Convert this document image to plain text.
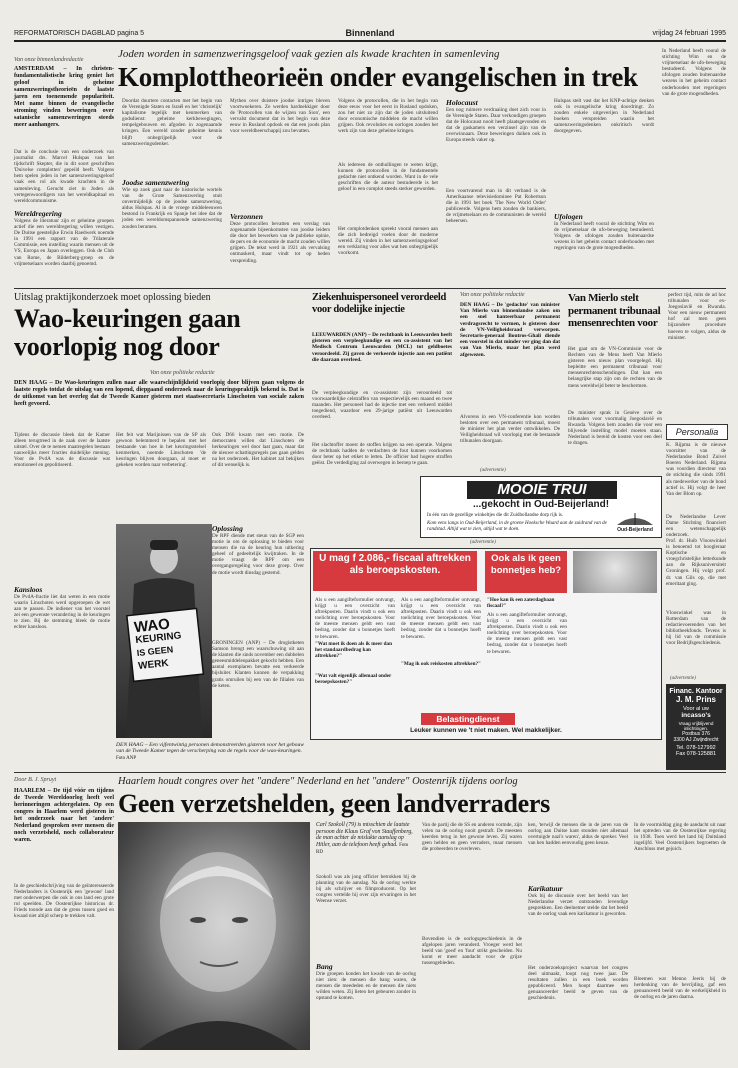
REFORMATORISCH DAGBLAD pagina 5	Binnenland	vrijdag 24 februari 1995
Van onze binnenlandredactie	Joden worden in samenzweringsgeloof vaak gezien als kwade krachten in samenleving
Komplottheorieën onder evangelischen in trek
AMSTERDAM – In christen-fundamentalistische kring geniet het geloof in geheime samenzweringstheorieën de laatste jaren een toenemende populariteit. Met name binnen de evangelische stroming vinden beweringen over satanische samenzweringen steeds meer aanhangers.
Dat is de conclusie van een onderzoek van journalist drs. Marcel Hulspas van het tijdschrift Skepter, die in dit soort geschriften 'Duivelse complotten' gepeild heeft. Volgens hem spelen joden in het samenzweringsgeloof vaak een rol als kwade krachten in de samenleving. Gerucht ziet in Joden als vertegenwoordigers van het wereldkapitaal en wereldcommunisme.
Wereldregering
Volgens de literatuur zijn er geheime groepen actief die een wereldregering willen vestigen. De Duitse geestelijke Erwin Raedwerk noemde in 1991 een rapport van de Trilaterale Commissie, een instelling waarin mensen uit de VS, Europa en Japan overleggen. Ook de Club van Rome, de Bilderberg-groep en de vrijmetselaars worden daarbij genoemd.
Doordat duurtere contacten met het begin van de Verenigde Staten en Israël en het 'christelijk' kapitalisme tegelijk met kenmerken van godsdienst: geheime kerkbewegingen, tempelgebouwen en afgoden in zogenaamde kringen. Een wereld zonder geheime kennis blijft onbegrijpelijk voor de samenzweringsdenker.
Joodse samenzwering
Wie op zoek gaat naar de historische wortels van de Grote Samenzwering stuit onvermijdelijk op de joodse samenzwering, aldus Hulspas. Al in de vroege middeleeuwen bestond in Frankrijk en Spanje het idee dat de joden een wereldomspannende samenzwering zouden beramen.
Mythen over duistere joodse intriges bleven voortwoekeren. Ze werden hardnekkiger door de 'Protocollen van de wijzen van Sion', een vervalst document dat in het begin van deze eeuw in Rusland opdook en dat een joods plan voor wereldheerschappij zou bevatten.
Verzonnen
Deze protocollen bevatten een verslag van zogenaamde bijeenkomsten van joodse leiders die door het bewerken van de publieke opinie, de pers en de economie de macht zouden willen grijpen. De tekst werd in 1921 als vervalsing ontmaskerd, maar vindt tot op heden verspreiding.
Volgens de protocollen, die in het begin van deze eeuw voor het eerst in Rusland opdoken, zou het niet zo zijn dat de joden uitsluitend door economische middelen de macht willen grijpen. Ook revoluties en oorlogen zouden het werk zijn van deze geheime kringen.
Als iedereen de onthullingen te weten krijgt, kunnen de protocollen in de fundamentele gedachte niet ontkend worden. Want in de vele geschriften die de auteur bestudeerde is het geloof in een complot steeds sterker geworden.
Het complotdenken spreekt vooral mensen aan die zich bedreigd voelen door de moderne wereld. Zij vinden in het samenzweringsgeloof een verklaring voor alles wat hen onbegrijpelijk voorkomt.
Holocaust
Een nog ruimere verdraaiing doet zich voor in de Verenigde Staten. Daar verkondigen groepen dat de Holocaust nooit heeft plaatsgevonden en dat de gaskamers een verzinsel zijn van de overwinnaars. Deze beweringen duiken ook in Europa steeds vaker op.
Een voortvarend man in dit verband is de Amerikaanse televisiedominee Pat Robertson die in 1991 het boek 'The New World Order' publiceerde. Volgens hem zouden de bankiers, de vrijmetselaars en de communisten de wereld beheersen.
Hulspas stelt vast dat het KNP-achtige denken ook in evangelische kring doordringt. Zo zouden enkele uitgeverijen in Nederland boeken verspreiden waarin het samenzweringsdenken onkritisch wordt doorgegeven.
Ufologen
In Nederland heeft vooral de stichting Wim en de vrijmetselaar de ufo-beweging bestudeerd. Volgens de ufologen zouden buitenaardse wezens in het geheim contact onderhouden met regeringen van de grote mogendheden.
In Nederland heeft vooral de stichting Wim en de vrijmetselaar de ufo-beweging bestudeerd. Volgens de ufologen zouden buitenaardse wezens in het geheim contact onderhouden met regeringen van de grote mogendheden.
Uitslag praktijkonderzoek moet oplossing bieden
Wao-keuringen gaan voorlopig nog door
Van onze politieke redactie
DEN HAAG – De Wao-keuringen zullen naar alle waarschijnlijkheid voorlopig door blijven gaan volgens de laatste regels totdat de uitslag van een lopend, diepgaand onderzoek naar de keuringspraktijk bekend is. Dat is de uitkomst van het overleg dat de Tweede Kamer gisteren met staatssecretaris Linschoten van sociale zaken heeft gevoerd.
Tijdens de discussie bleek dat de Kamer alleen terugtreed in de zaak over de laatste uitstel. Over de te nemen maatregelen bestaan nauwelijks meer fracties duidelijke mening. Voor de PvdA was de discussie wat emotioneel en gepolitiseerd.
Kansloos
De PvdA-fractie liet dat weten in een motie waarin Linschoten werd opgeroepen de wet aan te passen. De indiener van het voorstel zei een gewenste verandering in de keuringen te zien. Bij de stemming bleek de motie echter kansloos.
Het feit wat Marijnissen van de SP als gewoon belemmerd te bepalen met het bestaande van hoe in het keuringsstelsel kenmerken, noemde Linschoten 'de keuringen blijven doorgaan, al moet er gekeken worden naar verbetering'.
Ook D66 kwam met een motie. De democraten willen dat Linschoten de herkeuringen wel door laat gaan, maar dat de nieuwe schattingsregels pas gaan gelden na het onderzoek. Het kabinet zal bekijken of dit wenselijk is.
WAO
KEURING
IS GEEN
WERK
Oplossing
De RPF diende met steun van de SGP een motie in om de oplossing te bieden voor mensen die na de keuring hun uitkering geheel of gedeeltelijk kwijtraken. In de motie vraagt de RPF om een overgangsregeling voor deze groep. Over de motie wordt dinsdag gestemd.
GRONINGEN (ANP) – De drogistketen Samson brengt een waarschuwing uit aan de klanten die sinds november een dubbelen geneesmiddelenpakket gekocht hebben. Een aantal exemplaren bevatte een verkeerde bijsluiter. Klanten kunnen de verpakking gratis omruilen bij een van de filialen van de keten.
DEN HAAG – Een vijfentwintig personen demonstreerden gisteren voor het gebouw van de Tweede Kamer tegen de verscherping van de regels voor de wao-keuringen. Foto ANP
Ziekenhuispersoneel verordeeld voor dodelijke injectie
LEEUWARDEN (ANP) – De rechtbank in Leeuwarden heeft gisteren een verpleegkundige en een co-assistent van het Medisch Centrum Leeuwarden (MCL) tot geldboetes veroordeeld. Zij gaven de verkeerde injectie aan een patiënt die daaraan overleed.
De verpleegkundige en co-assistent zijn veroordeeld tot voorwaardelijke celstraffen van respectievelijk een maand en twee maanden. Het personeel had de injectie met een verkeerd middel toegediend, waardoor een 29-jarige patiënt uit Leeuwarden overleed.
Het slachtoffer moest de stoffen krijgen na een operatie. Volgens de rechtbank hadden de verdachten de fout kunnen voorkomen door beter op het etiket te letten. De officier had hogere straffen geëist. De verdediging zal overwegen in beroep te gaan.
Van onze politieke redactie
DEN HAAG – De 'gedachte' van minister Van Mierlo van binnenlandse zaken om een snel hanteerbaar permanent verdragsrecht te vormen, is gisteren door de VN-Veiligheidsraad verworpen. Secretaris-generaal Boutros-Ghali diende een voorstel in dat minder ver ging dan dat van Van Mierlo, maar het plan werd afgewezen.
Alvorens in een VN-conferentie kon worden besloten over een permanent tribunaal, moest de minister het plan verder ontwikkelen. De Veiligheidsraad wil voorlopig met de bestaande tribunalen doorgaan.
Van Mierlo stelt permanent tribunaal mensenrechten voor
Het gaat om de VN-Commissie voor de Rechten van de Mens heeft Van Mierlo gisteren een nieuw plan voorgelegd. Hij bepleitte een permanent tribunaal voor mensenrechtenschendingen. Dat kan een belangrijke stap zijn om de rechten van de mens wereldwijd beter te beschermen.
De minister sprak in Genève over de tribunalen voor voormalig Joegoslavië en Rwanda. Volgens hem zouden die voor een blijvende instelling model moeten staan. Nederland is bereid de kosten voor een deel te dragen.
perfect tijd, mits de ad hoc tribunalen voor ex-Joegoslavië en Rwanda. Voor een nieuw permanent hof zal men geen bijzondere procedure hoeven te volgen, aldus de minister.
Personalia
K. Rijpma is de nieuwe voorzitter van de Nederlandse Bond Zuivel Boeren Nederland. Rijpma was voordien directeur van de stichting die sinds 1991 als medewerker van de bond actief is. Hij volgt de heer Van der Blom op.
De Nederlandse Lever Dame Stichting financiert een wetenschappelijk onderzoek.
Prof. dr. Huib Vlooswinkel is benoemd tot hoogleraar Koptische en vroegchristelijke letterkunde aan de Rijksuniversiteit Groningen. Hij volgt prof. dr. van Gils op, die met emeritaat ging.
Vlooswinkel was in Rotterdam van de redactievoerenden van het bibliotheekfonds. Tevens is hij lid van de commissie voor Bedrijfsgeschiedenis.
(advertentie)
MOOIE TRUI
...gekocht in Oud-Beijerland!
In één van de gezellige winkeltjes die dit Zuidhollandse dorp rijk is.
Kom eens langs in Oud-Beijerland, in de groene Hoeksche Waard aan de zuidrand van de randstad. Altijd wat te zien, altijd wat te doen.	Oud-Beijerland
(advertentie)
U mag f 2.086,- fiscaal aftrekken als beroepskosten.
Ook als ik geen bonnetjes heb?
Als u een aangifteformulier ontvangt, krijgt u een overzicht van aftrekposten. Daarin vindt u ook een toelichting over beroepskosten. Voor de meeste mensen geldt een vast bedrag, zonder dat u bonnetjes hoeft te bewaren.
"Wat moet ik doen als ik meer dan het standaardbedrag kan aftrekken?"
"Wat valt eigenlijk allemaal onder beroepskosten?"
Als u een aangifteformulier ontvangt, krijgt u een overzicht van aftrekposten. Daarin vindt u ook een toelichting over beroepskosten. Voor de meeste mensen geldt een vast bedrag, zonder dat u bonnetjes hoeft te bewaren.
"Mag ik ook reiskosten aftrekken?"
"Hoe kan ik een zaterdagbaan fiscaal?"
Als u een aangifteformulier ontvangt, krijgt u een overzicht van aftrekposten. Daarin vindt u ook een toelichting over beroepskosten. Voor de meeste mensen geldt een vast bedrag, zonder dat u bonnetjes hoeft te bewaren.
Belastingdienst
Leuker kunnen we 't niet maken. Wel makkelijker.
(advertentie)
Financ. Kantoor
J. M. Prins
Voor al uw
incasso's
Vraag vrijblijvend inlichtingen.
Postbus 376
3300 AJ Zwijndrecht
Tel. 078-127992
Fax 078-125881
Door B. J. Spruyt	Haarlem houdt congres over het "andere" Nederland en het "andere" Oostenrijk tijdens oorlog
Geen verzetshelden, geen landverraders
HAARLEM – De tijd vóór en tijdens de Tweede Wereldoorlog heeft veel herinneringen achtergelaten. Op een congres in Haarlem werd gisteren in het onderzoek naar het 'andere' Nederland gesproken over mensen die noch verzetsheld, noch collaborateur waren.
In de geschiedschrijving van de geïnteresseerde Nederlanders is Oostenrijk een 'gewone' land met onderwerpen die ook in ons land een grote rol speelden. De Oostenrijkse historicus dr. Frieds toonde aan dat de grens tussen goed en kwaad niet altijd scherp te trekken valt.
Carl Szokoll (79) is misschien de laatste persoon die Klaus Graf von Stauffenberg, de man achter de mislukte aanslag op Hitler, aan de telefoon heeft gehad. Foto RD
Szokoll was als jong officier betrokken bij de planning van de aanslag. Na de oorlog werkte hij als schrijver en filmproducent. Op het congres vertelde hij over zijn ervaringen in het Weense verzet.
Bang
Drie groepen konden het kwade van de oorlog niet zien: de mensen die bang waren, de mensen die meededen en de mensen die niets wilden weten. Zij lieten het gebeuren zonder in opstand te komen.
Van de partij die de SS en anderen vormde, zijn velen na de oorlog nooit gestraft. De meesten keerden terug in het gewone leven. Zij waren geen helden en geen verraders, maar mensen die probeerden te overleven.
Bovendien is de oorlogsgeschiedenis in de afgelopen jaren veranderd. Vroeger werd het beeld van 'goed' en 'fout' strikt gescheiden. Nu komt er meer aandacht voor de grijze tussengebieden.
ken, 'terwijl de mensen die in de jaren van de oorlog aan Duitse kant stonden niet allemaal overtuigde nazi's waren', aldus de spreker. Veel van hen hadden eenvoudig geen keuze.
Karikatuur
Ook bij de discussie over het beeld van het Nederlandse verzet ontstonden levendige gesprekken. Een deelnemer stelde dat het beeld van de oorlog vaak een karikatuur is geworden.
Het onderzoeksproject waarvan het congres deel uitmaakt, loopt nog twee jaar. De resultaten zullen in een boek worden gepubliceerd. Men hoopt daarmee een genuanceerder beeld te geven van de geschiedenis.
In de voormiddag ging de aandacht uit naar het optreden van de Oostenrijkse regering in 1938. Toen werd het land bij Duitsland ingelijfd. Veel Oostenrijkers begroetten de Anschluss met gejuich.
Bloemen wat Menno Jeeris bij de herdenking van de bevrijding, gaf een genuanceerd beeld van de werkelijkheid in de oorlog en de jaren daarna.
